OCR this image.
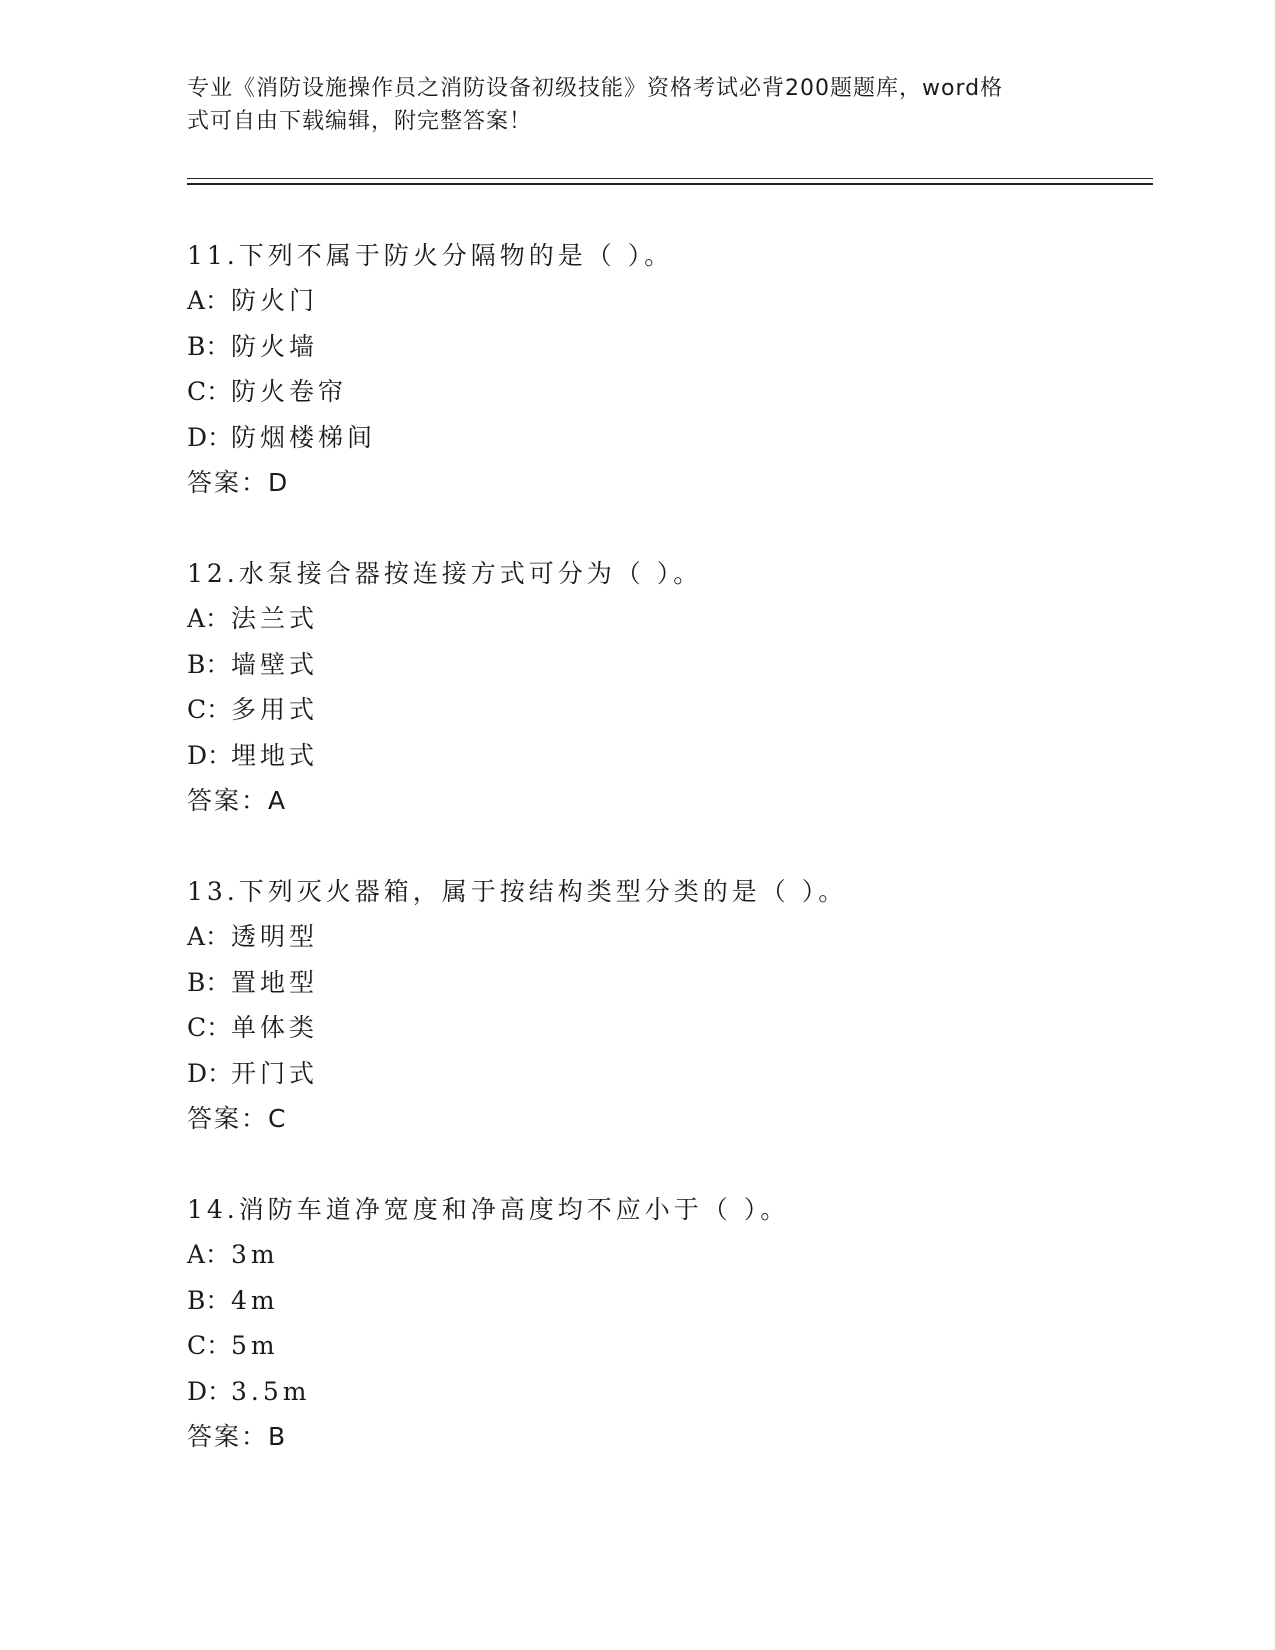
专业《消防设施操作员之消防设备初级技能》资格考试必背200题题库，word格
式可自由下载编辑，附完整答案！
11.下列不属于防火分隔物的是（ ）。
A：防火门
B：防火墙
C：防火卷帘
D：防烟楼梯间
答案：D
12.水泵接合器按连接方式可分为（ ）。
A：法兰式
B：墙壁式
C：多用式
D：埋地式
答案：A
13.下列灭火器箱，属于按结构类型分类的是（ ）。
A：透明型
B：置地型
C：单体类
D：开门式
答案：C
14.消防车道净宽度和净高度均不应小于（ ）。
A：3m
B：4m
C：5m
D：3.5m
答案：B
